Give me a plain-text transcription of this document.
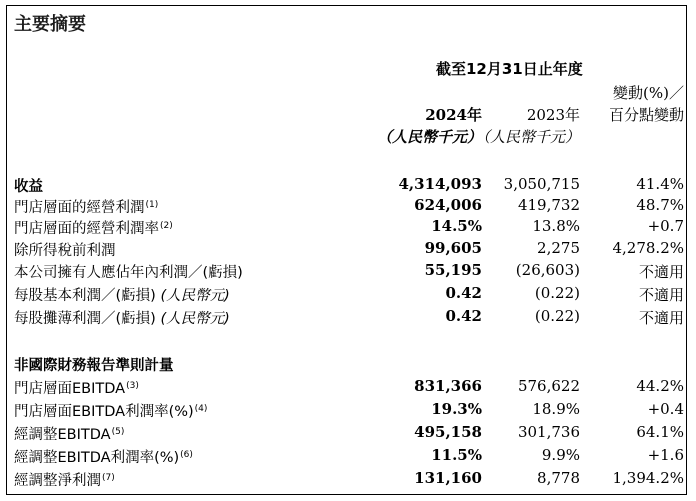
主要摘要
截至12月31日止年度
變動(%)／
百分點變動
2024年
（人民幣千元）
2023年
（人民幣千元）
收益	4,314,093 3,050,715	41.4%
門店層面的經營利潤$^{(1)}$	624,006 419,732	48.7%
門店層面的經營利潤率$^{(2)}$	14.5%	13.8%	+0.7
除所得稅前利潤	99,605	2,275 4,278.2%
本公司擁有人應佔年內利潤／(虧損)	55,195 (26,603)	不適用
每股基本利潤／(虧損) (人民幣元)	0.42	(0.22)	不適用
每股攤薄利潤／(虧損) (人民幣元)	0.42	(0.22)	不適用
非國際財務報告準則計量
門店層面EBITDA$^{(3)}$	831,366 576,622	44.2%
門店層面EBITDA利潤率(%)$^{(4)}$	19.3%	18.9%	+0.4
經調整EBITDA$^{(5)}$	495,158 301,736	64.1%
經調整EBITDA利潤率(%)$^{(6)}$	11.5%	9.9%	+1.6
經調整淨利潤$^{(7)}$	131,160	8,778 1,394.2%
